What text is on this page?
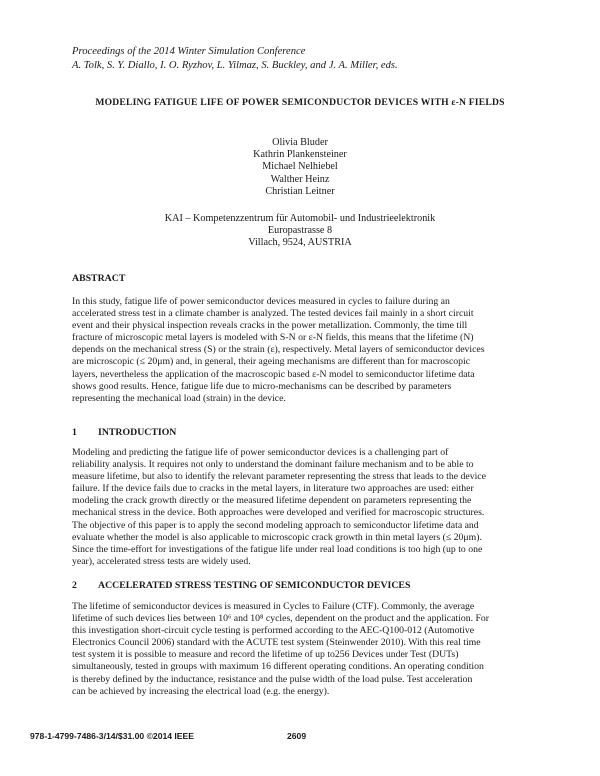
Proceedings of the 2014 Winter Simulation Conference
A. Tolk, S. Y. Diallo, I. O. Ryzhov, L. Yilmaz, S. Buckley, and J. A. Miller, eds.
MODELING FATIGUE LIFE OF POWER SEMICONDUCTOR DEVICES WITH ε-N FIELDS
Olivia Bluder
Kathrin Plankensteiner
Michael Nelhiebel
Walther Heinz
Christian Leitner
KAI – Kompetenzzentrum für Automobil- und Industrieelektronik
Europastrasse 8
Villach, 9524, AUSTRIA
ABSTRACT
In this study, fatigue life of power semiconductor devices measured in cycles to failure during an
accelerated stress test in a climate chamber is analyzed. The tested devices fail mainly in a short circuit
event and their physical inspection reveals cracks in the power metallization. Commonly, the time till
fracture of microscopic metal layers is modeled with S-N or ε-N fields, this means that the lifetime (N)
depends on the mechanical stress (S) or the strain (ε), respectively. Metal layers of semiconductor devices
are microscopic (≤ 20μm) and, in general, their ageing mechanisms are different than for macroscopic
layers, nevertheless the application of the macroscopic based ε-N model to semiconductor lifetime data
shows good results. Hence, fatigue life due to micro-mechanisms can be described by parameters
representing the mechanical load (strain) in the device.
1 INTRODUCTION
Modeling and predicting the fatigue life of power semiconductor devices is a challenging part of
reliability analysis. It requires not only to understand the dominant failure mechanism and to be able to
measure lifetime, but also to identify the relevant parameter representing the stress that leads to the device
failure. If the device fails due to cracks in the metal layers, in literature two approaches are used: either
modeling the crack growth directly or the measured lifetime dependent on parameters representing the
mechanical stress in the device. Both approaches were developed and verified for macroscopic structures.
The objective of this paper is to apply the second modeling approach to semiconductor lifetime data and
evaluate whether the model is also applicable to microscopic crack growth in thin metal layers (≤ 20μm).
Since the time-effort for investigations of the fatigue life under real load conditions is too high (up to one
year), accelerated stress tests are widely used.
2 ACCELERATED STRESS TESTING OF SEMICONDUCTOR DEVICES
The lifetime of semiconductor devices is measured in Cycles to Failure (CTF). Commonly, the average
lifetime of such devices lies between 10⁶ and 10⁸ cycles, dependent on the product and the application. For
this investigation short-circuit cycle testing is performed according to the AEC-Q100-012 (Automotive
Electronics Council 2006) standard with the ACUTE test system (Steinwender 2010). With this real time
test system it is possible to measure and record the lifetime of up to256 Devices under Test (DUTs)
simultaneously, tested in groups with maximum 16 different operating conditions. An operating condition
is thereby defined by the inductance, resistance and the pulse width of the load pulse. Test acceleration
can be achieved by increasing the electrical load (e.g. the energy).
978-1-4799-7486-3/14/$31.00 ©2014 IEEE	2609
